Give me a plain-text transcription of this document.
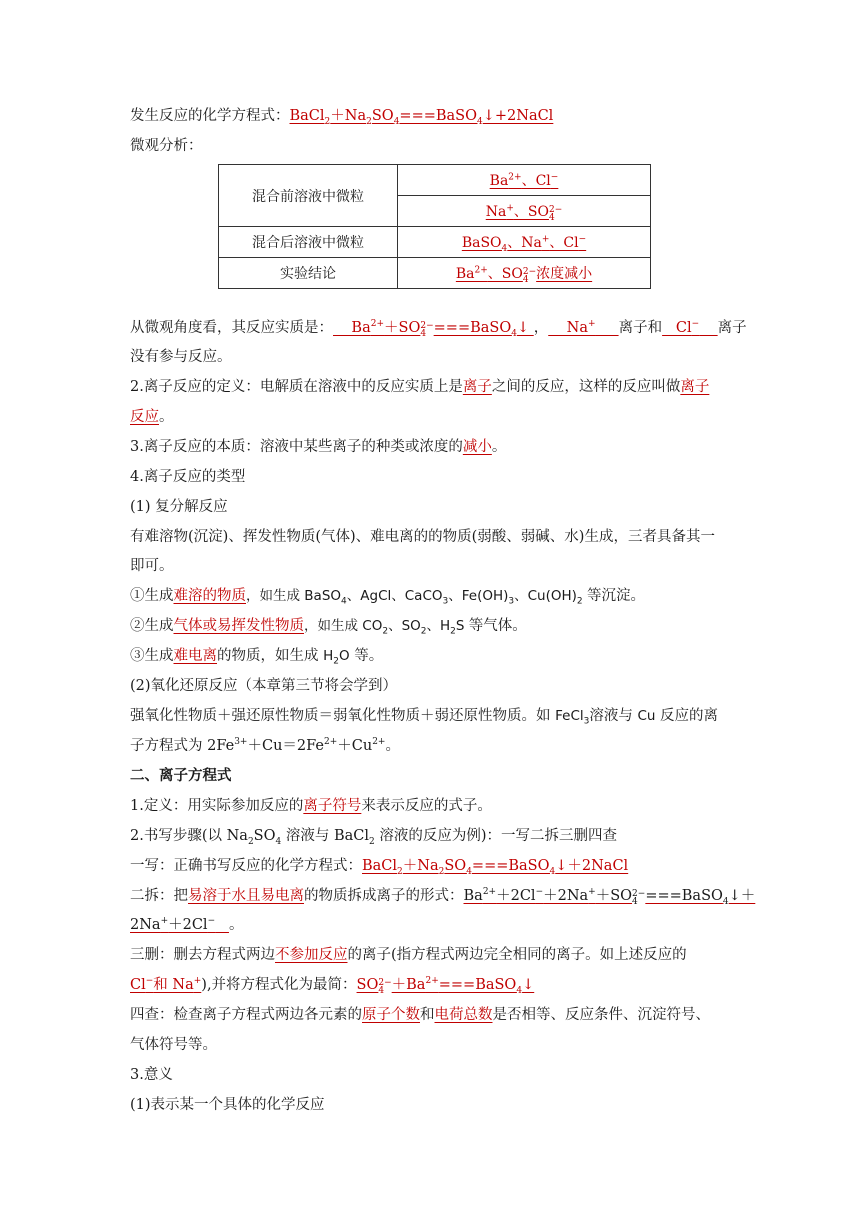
发生反应的化学方程式：$BaCl_2+Na_2SO_4===BaSO_4↓+2NaCl$
微观分析：
混合前溶液中微粒	$Ba^{2+}$、Cl−
	Na+、SO2−
4
混合后溶液中微粒	BaSO$_4$、Na+、Cl−
实验结论	$Ba^{2+}$、SO2−
4 浓度减小
从微观角度看，其反应实质是：    $Ba^{2+}+SO2-$
4 ===BaSO$_4$↓ ，    Na+ 离子和   Cl− 离子
没有参与反应。
2.离子反应的定义：电解质在溶液中的反应实质上是离子之间的反应，这样的反应叫做离子
反应。
3.离子反应的本质：溶液中某些离子的种类或浓度的减小。
4.离子反应的类型
(1) 复分解反应
有难溶物(沉淀)、挥发性物质(气体)、难电离的的物质(弱酸、弱碱、水)生成，三者具备其一
即可。
①生成难溶的物质，如生成 BaSO$_4$、AgCl、CaCO$_3$、$Fe(OH)_3$、$Cu(OH)_2$ 等沉淀。
②生成气体或易挥发性物质，如生成 $CO_2$、$SO_2$、$H_2S$ 等气体。
③生成难电离的物质，如生成 $H_2O$ 等。
(2)氧化还原反应（本章第三节将会学到）
强氧化性物质＋强还原性物质＝弱氧化性物质＋弱还原性物质。如 FeCl$_3$溶液与 Cu 反应的离
子方程式为 $2Fe^{3+}+Cu=2Fe^{2+}+Cu^{2+}$。
二、离子方程式
1.定义：用实际参加反应的离子符号来表示反应的式子。
2.书写步骤(以 $Na_2SO_4$ 溶液与 BaCl$_2$ 溶液的反应为例)：一写二拆三删四查
一写：正确书写反应的化学方程式：$BaCl_2+Na_2SO_4===BaSO_4↓+2NaCl$
二拆：把易溶于水且易电离的物质拆成离子的形式：$Ba^{2+}+2Cl^-+2Na^++SO2-$
4 ===BaSO$_4$↓＋
2Na+＋2Cl− 。
三删：删去方程式两边不参加反应的离子(指方程式两边完全相同的离子。如上述反应的
Cl−和 Na+),并将方程式化为最简：SO2−
$4 +Ba^{2+}===BaSO_4↓$
四查：检查离子方程式两边各元素的原子个数和电荷总数是否相等、反应条件、沉淀符号、
气体符号等。
3.意义
(1)表示某一个具体的化学反应
